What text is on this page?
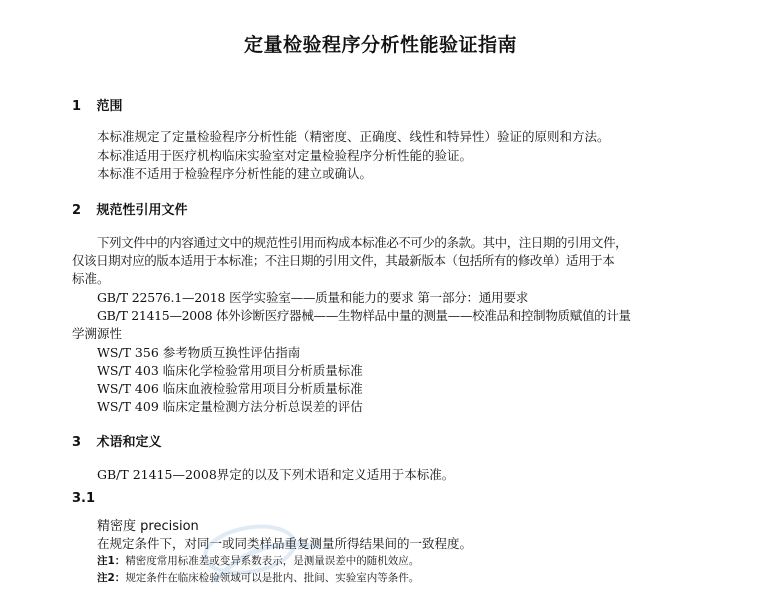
定量检验程序分析性能验证指南
1 范围
本标准规定了定量检验程序分析性能（精密度、正确度、线性和特异性）验证的原则和方法。
本标准适用于医疗机构临床实验室对定量检验程序分析性能的验证。
本标准不适用于检验程序分析性能的建立或确认。
2 规范性引用文件
下列文件中的内容通过文中的规范性引用而构成本标准必不可少的条款。其中，注日期的引用文件，
仅该日期对应的版本适用于本标准；不注日期的引用文件，其最新版本（包括所有的修改单）适用于本
标准。
GB/T 22576.1—2018 医学实验室——质量和能力的要求 第一部分：通用要求
GB/T 21415—2008 体外诊断医疗器械——生物样品中量的测量——校准品和控制物质赋值的计量
学溯源性
WS/T 356 参考物质互换性评估指南
WS/T 403 临床化学检验常用项目分析质量标准
WS/T 406 临床血液检验常用项目分析质量标准
WS/T 409 临床定量检测方法分析总误差的评估
3 术语和定义
GB/T 21415—2008界定的以及下列术语和定义适用于本标准。
3.1
精密度 precision
在规定条件下，对同一或同类样品重复测量所得结果间的一致程度。
注1：精密度常用标准差或变异系数表示，是测量误差中的随机效应。
注2：规定条件在临床检验领域可以是批内、批间、实验室内等条件。
